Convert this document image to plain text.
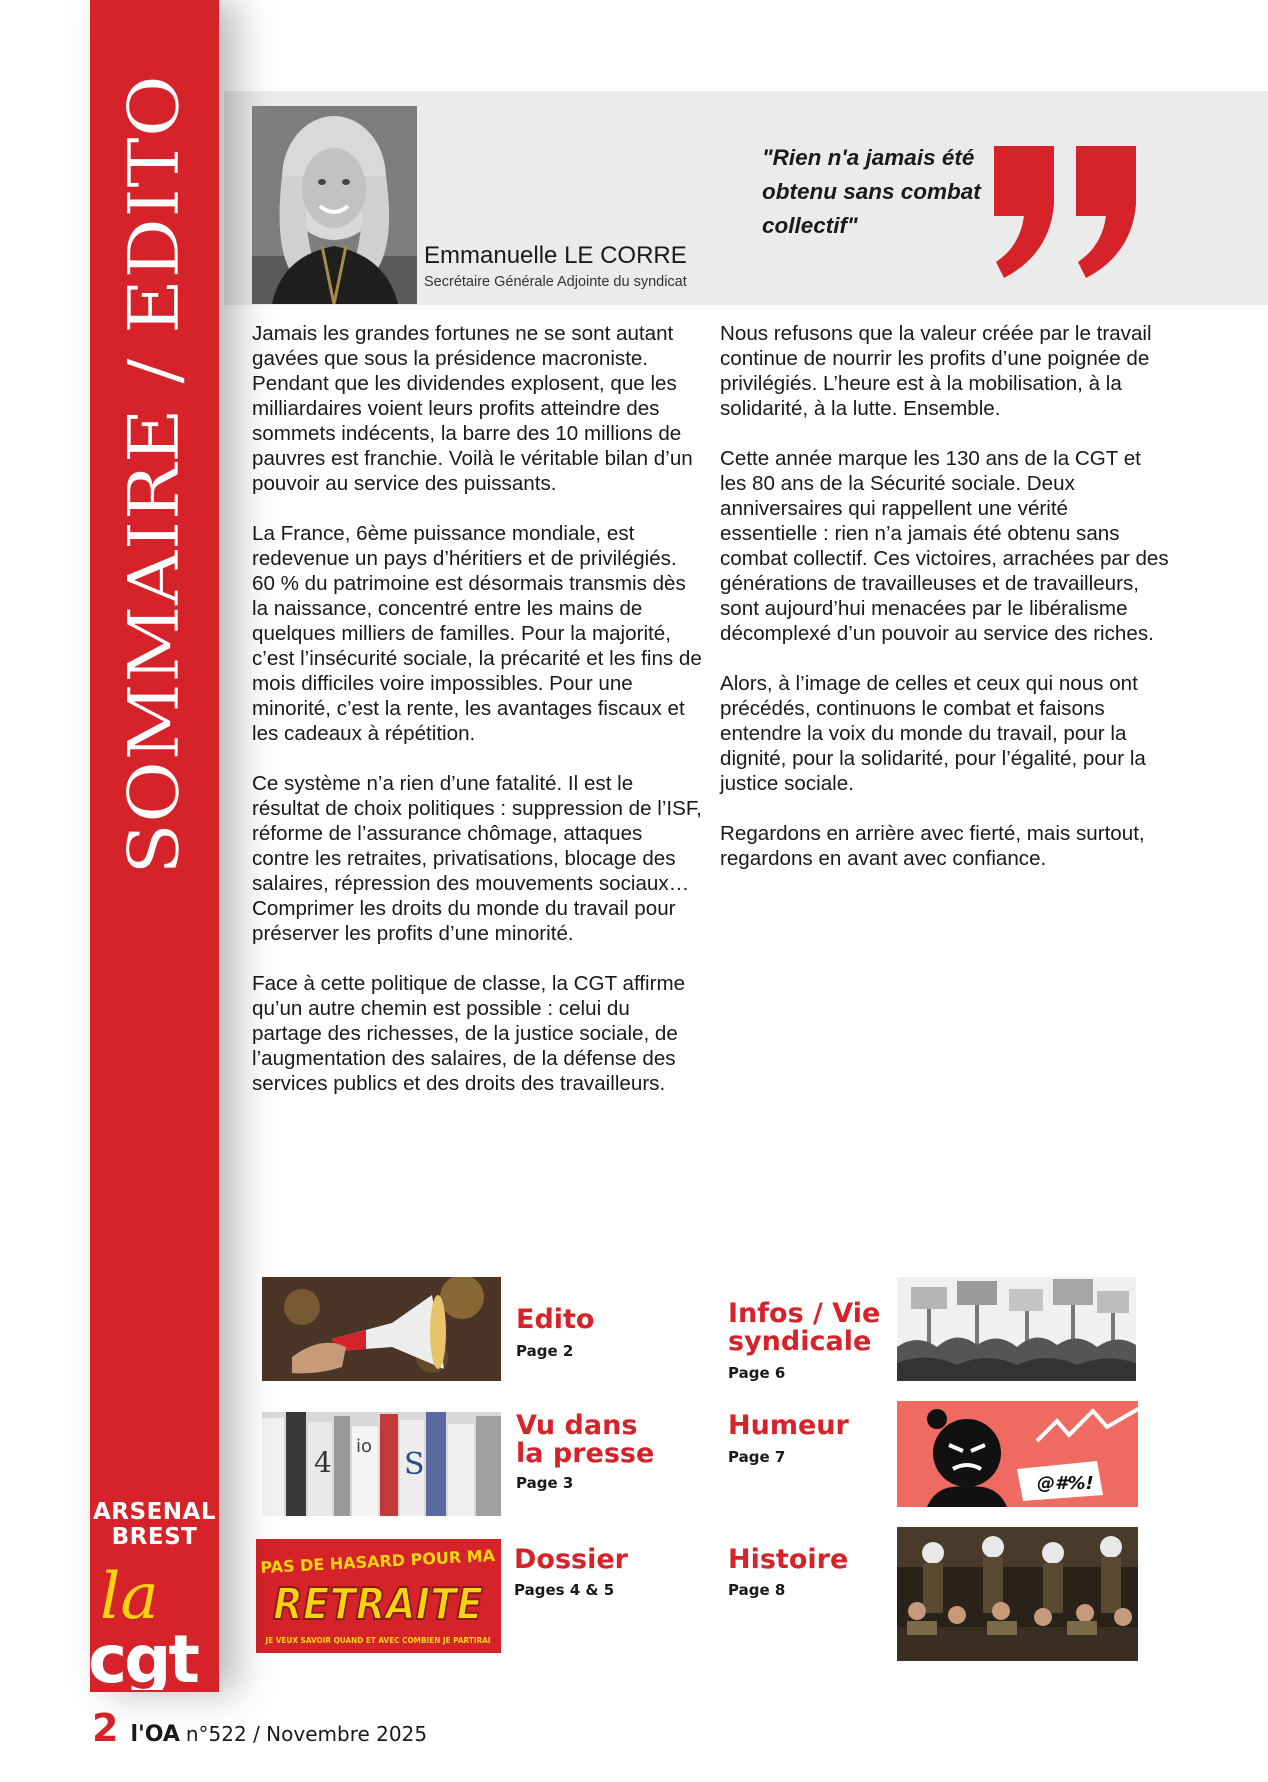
SOMMAIRE / EDITO
ARSENAL
BREST
la
cgt
Emmanuelle LE CORRE
Secrétaire Générale Adjointe du syndicat
"Rien n'a jamais été
obtenu sans combat
collectif"

Jamais les grandes fortunes ne se sont autant gavées que sous la présidence macroniste.

Pendant que les dividendes explosent, que les milliardaires voient leurs profits atteindre des sommets indécents, la barre des 10 millions de pauvres est franchie. Voilà le véritable bilan d’un pouvoir au service des puissants.

La France, 6ème puissance mondiale, est redevenue un pays d’héritiers et de privilégiés. 60 % du patrimoine est désormais transmis dès la naissance, concentré entre les mains de quelques milliers de familles. Pour la majorité, c’est l’insécurité sociale, la précarité et les fins de mois difficiles voire impossibles. Pour une minorité, c’est la rente, les avantages fiscaux et les cadeaux à répétition.

Ce système n’a rien d’une fatalité. Il est le résultat de choix politiques : suppression de l’ISF, réforme de l’assurance chômage, attaques contre les retraites, privatisations, blocage des salaires, répression des mouvements sociaux… Comprimer les droits du monde du travail pour préserver les profits d’une minorité.

Face à cette politique de classe, la CGT affirme qu’un autre chemin est possible : celui du partage des richesses, de la justice sociale, de l’augmentation des salaires, de la défense des services publics et des droits des travailleurs.

Nous refusons que la valeur créée par le travail continue de nourrir les profits d’une poignée de privilégiés. L’heure est à la mobilisation, à la solidarité, à la lutte. Ensemble.

Cette année marque les 130 ans de la CGT et les 80 ans de la Sécurité sociale. Deux anniversaires qui rappellent une vérité essentielle : rien n’a jamais été obtenu sans combat collectif. Ces victoires, arrachées par des générations de travailleuses et de travailleurs, sont aujourd’hui menacées par le libéralisme décomplexé d’un pouvoir au service des riches.

Alors, à l’image de celles et ceux qui nous ont précédés, continuons le combat et faisons entendre la voix du monde du travail, pour la dignité, pour la solidarité, pour l’égalité, pour la justice sociale.

Regardons en arrière avec fierté, mais surtout, regardons en avant avec confiance.

Edito
Page 2
4 S
io
Vu dans
la presse
Page 3
PAS DE HASARD POUR MA
RETRAITE
JE VEUX SAVOIR QUAND ET AVEC COMBIEN JE PARTIRAI
Dossier
Pages 4 & 5
Infos / Vie
syndicale
Page 6
Humeur
Page 7
@#%!
Histoire
Page 8
2 l'OA n°522 / Novembre 2025
